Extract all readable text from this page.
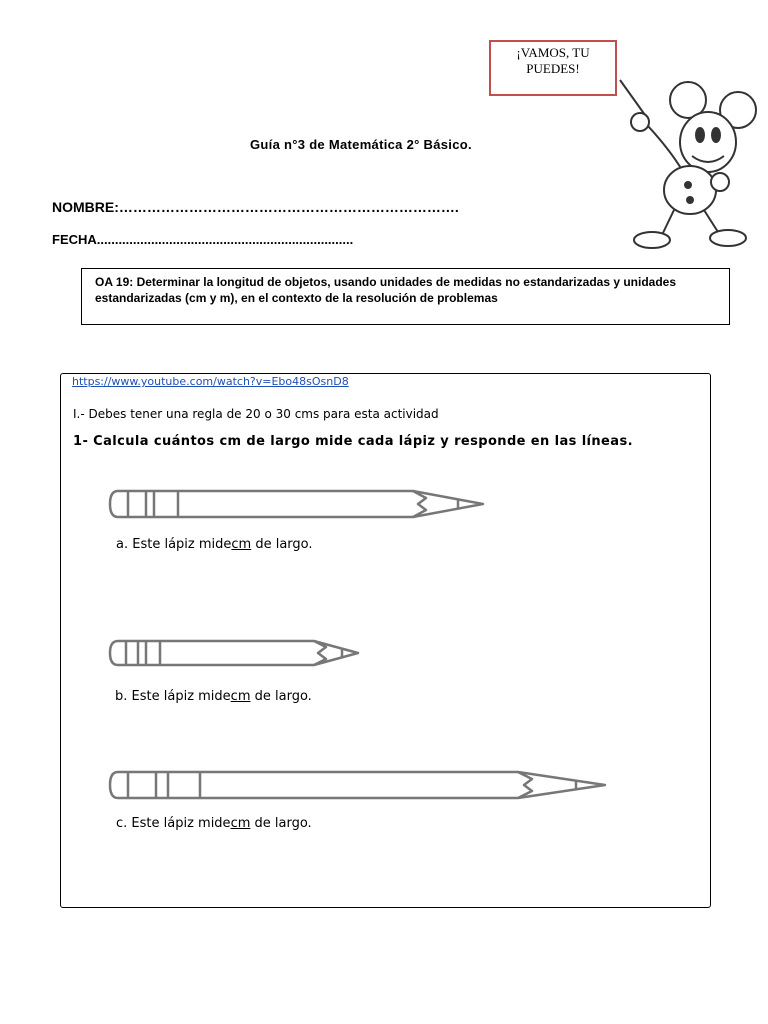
¡VAMOS, TU
PUEDES!
Guía n°3 de Matemática 2° Básico.
NOMBRE:……………………………………………………………….
FECHA.......................................................................
OA 19: Determinar la longitud de objetos, usando unidades de medidas no estandarizadas y unidades estandarizadas (cm y m), en el contexto de la resolución de problemas
https://www.youtube.com/watch?v=Ebo48sOsnD8
I.- Debes tener una regla de 20 o 30 cms para esta actividad
1- Calcula cuántos cm de largo mide cada lápiz y responde en las líneas.
a. Este lápiz midecm de largo.
b. Este lápiz midecm de largo.
c. Este lápiz midecm de largo.
